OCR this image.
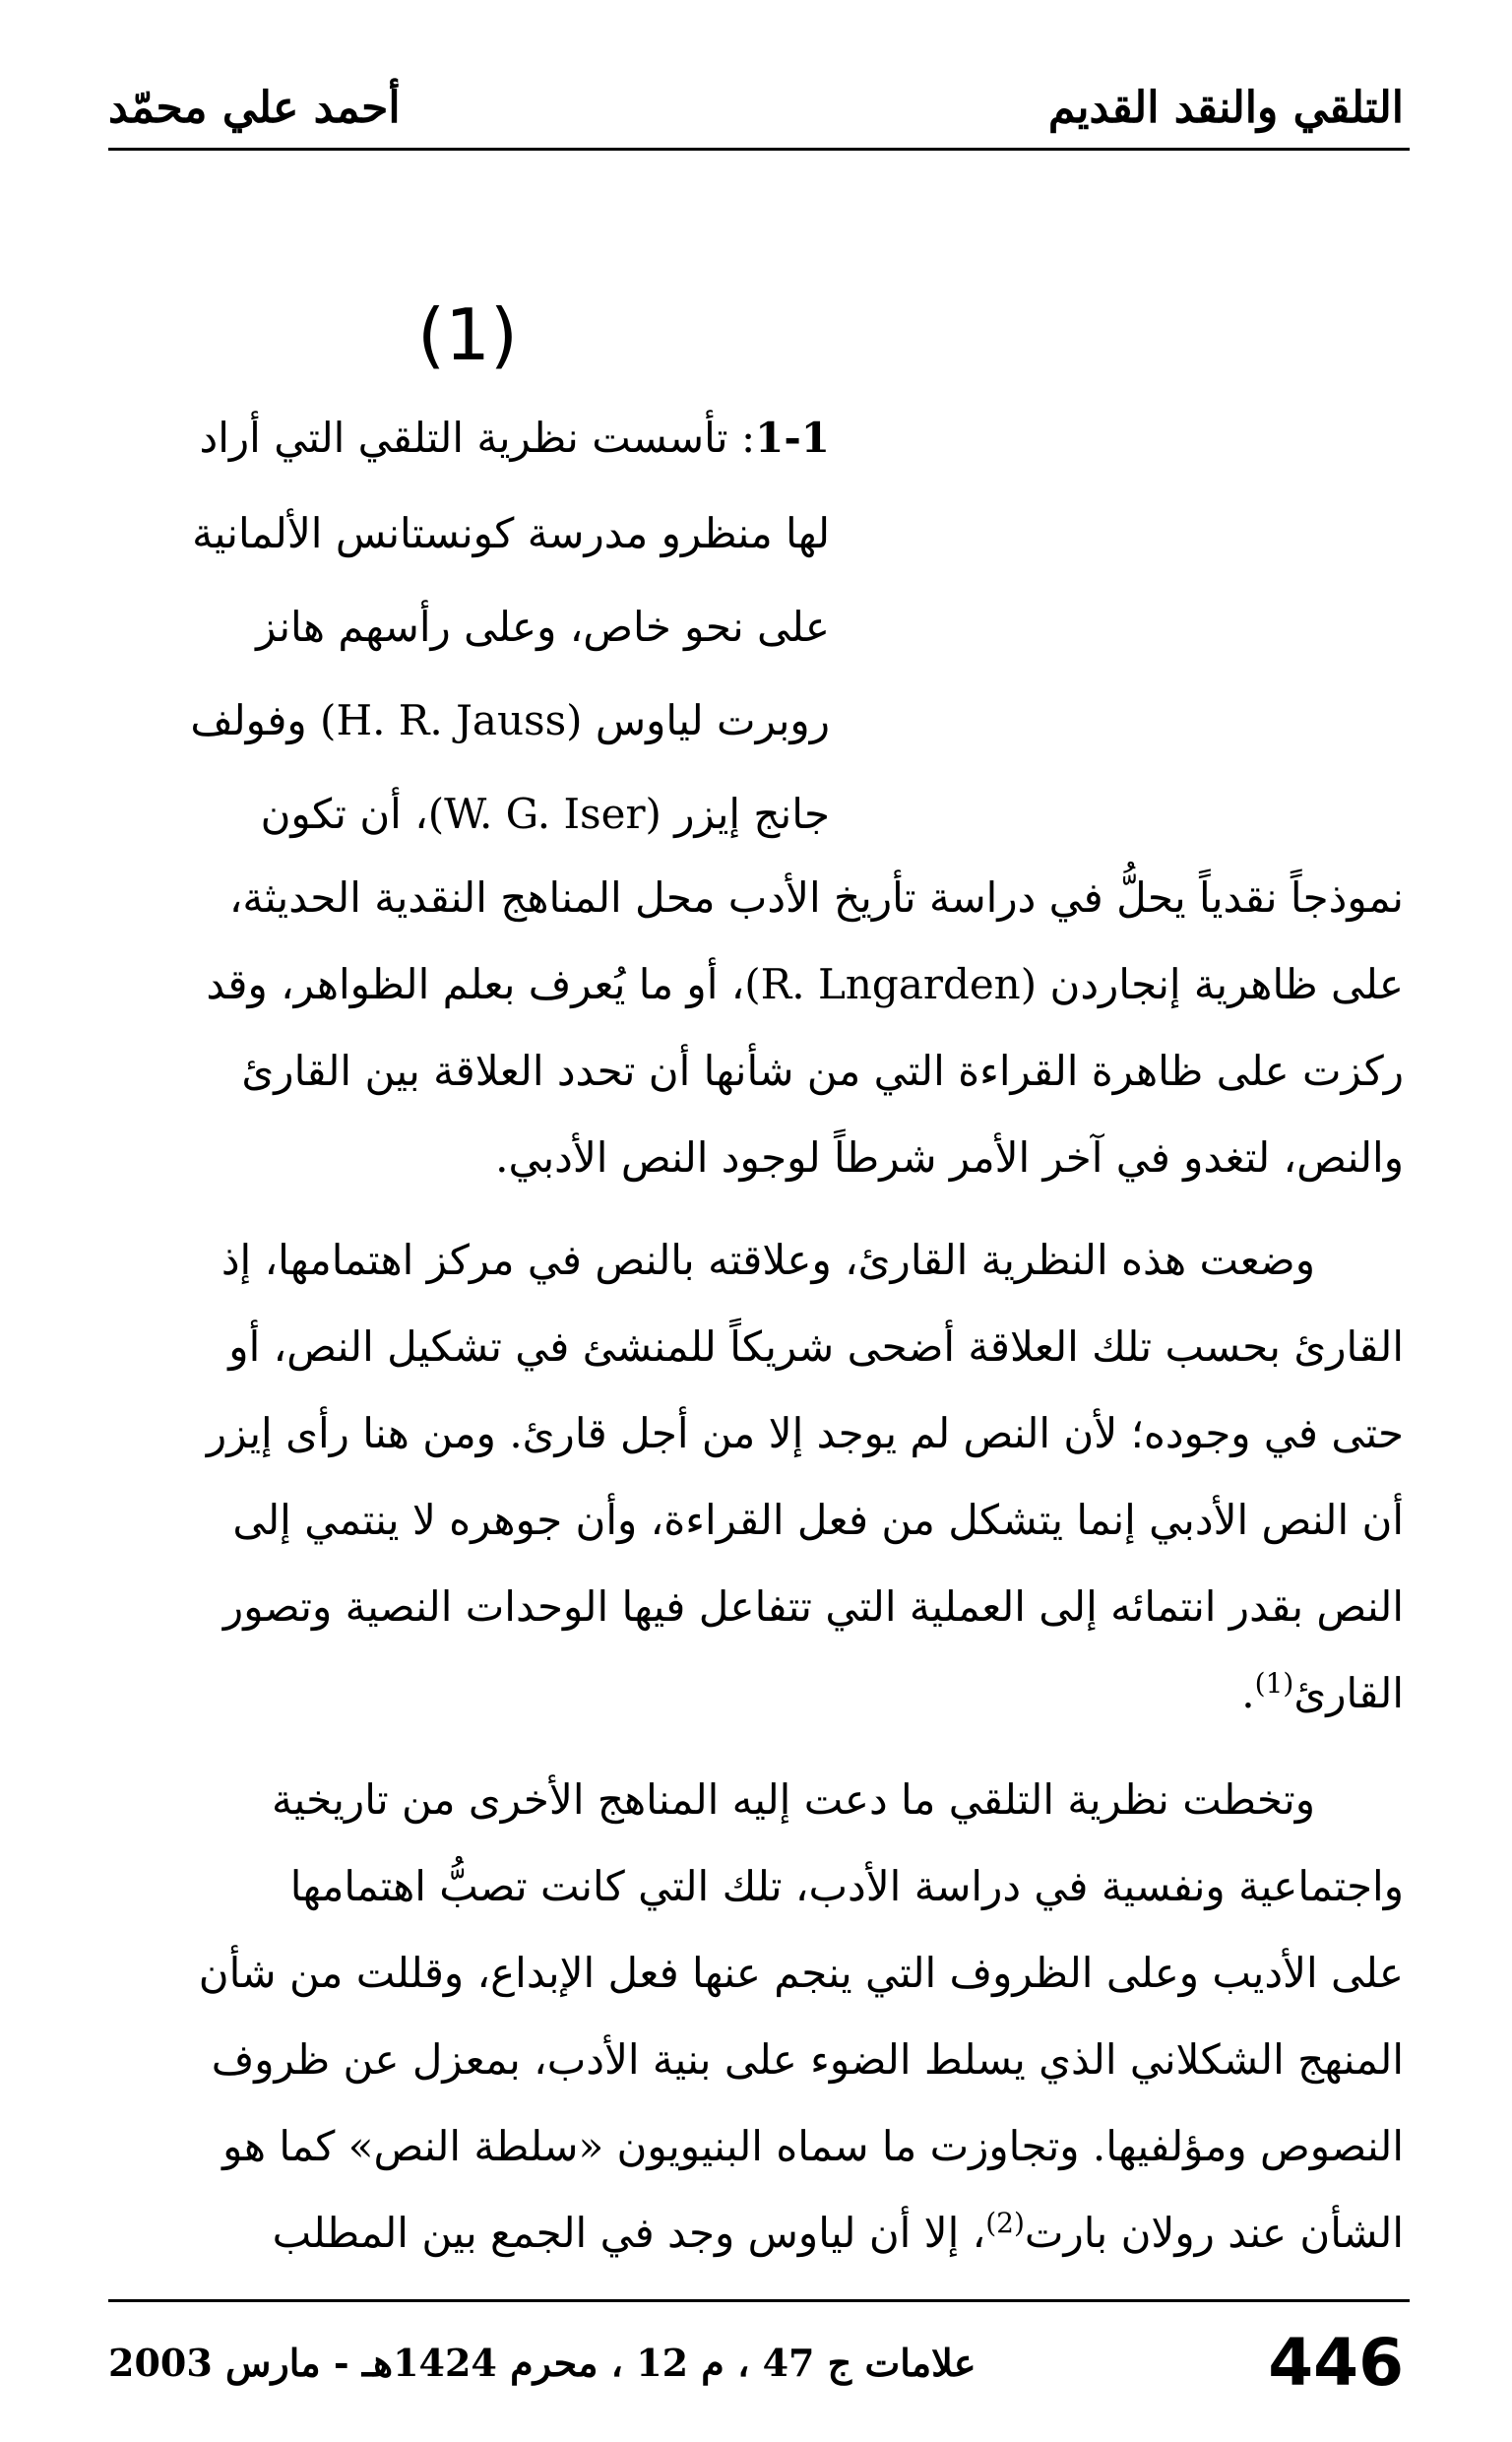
التلقي والنقد القديم
أحمد علي محمّد
(1)
1-1: تأسست نظرية التلقي التي أراد
لها منظرو مدرسة كونستانس الألمانية
على نحو خاص، وعلى رأسهم هانز
روبرت لياوس (H. R. Jauss) وفولف
جانج إيزر (W. G. Iser)، أن تكون
نموذجاً نقدياً يحلُّ في دراسة تأريخ الأدب محل المناهج النقدية الحديثة،
على ظاهرية إنجاردن (R. Lngarden)، أو ما يُعرف بعلم الظواهر، وقد
ركزت على ظاهرة القراءة التي من شأنها أن تحدد العلاقة بين القارئ
والنص، لتغدو في آخر الأمر شرطاً لوجود النص الأدبي.
وضعت هذه النظرية القارئ، وعلاقته بالنص في مركز اهتمامها، إذ
القارئ بحسب تلك العلاقة أضحى شريكاً للمنشئ في تشكيل النص، أو
حتى في وجوده؛ لأن النص لم يوجد إلا من أجل قارئ. ومن هنا رأى إيزر
أن النص الأدبي إنما يتشكل من فعل القراءة، وأن جوهره لا ينتمي إلى
النص بقدر انتمائه إلى العملية التي تتفاعل فيها الوحدات النصية وتصور
القارئ$^{(1)}$.
وتخطت نظرية التلقي ما دعت إليه المناهج الأخرى من تاريخية
واجتماعية ونفسية في دراسة الأدب، تلك التي كانت تصبُّ اهتمامها
على الأديب وعلى الظروف التي ينجم عنها فعل الإبداع، وقللت من شأن
المنهج الشكلاني الذي يسلط الضوء على بنية الأدب، بمعزل عن ظروف
النصوص ومؤلفيها. وتجاوزت ما سماه البنيويون «سلطة النص» كما هو
الشأن عند رولان بارت$^{(2)}$، إلا أن لياوس وجد في الجمع بين المطلب
علامات ج 47 ، م 12 ، محرم 1424هـ - مارس 2003	446
